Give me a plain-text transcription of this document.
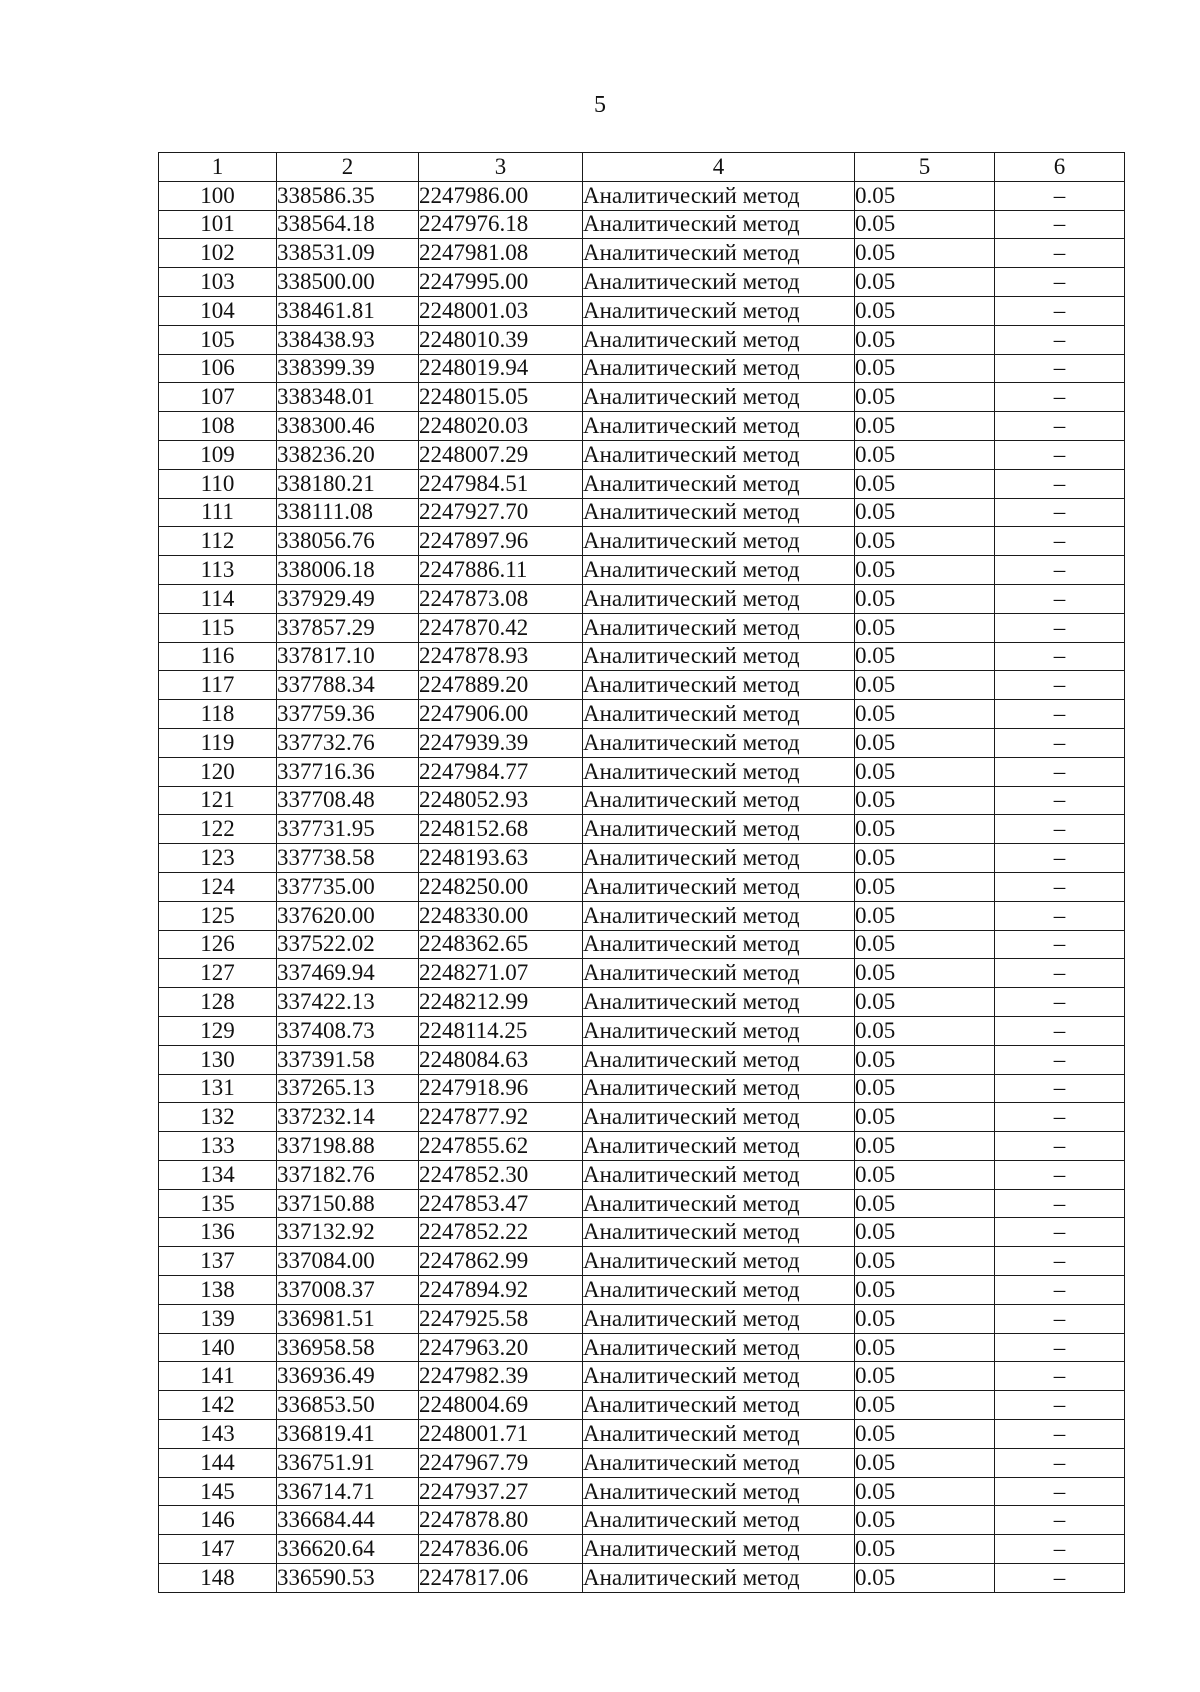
5
1	2	3	4	5	6
100	338586.35	2247986.00	Аналитический метод	0.05	–
101	338564.18	2247976.18	Аналитический метод	0.05	–
102	338531.09	2247981.08	Аналитический метод	0.05	–
103	338500.00	2247995.00	Аналитический метод	0.05	–
104	338461.81	2248001.03	Аналитический метод	0.05	–
105	338438.93	2248010.39	Аналитический метод	0.05	–
106	338399.39	2248019.94	Аналитический метод	0.05	–
107	338348.01	2248015.05	Аналитический метод	0.05	–
108	338300.46	2248020.03	Аналитический метод	0.05	–
109	338236.20	2248007.29	Аналитический метод	0.05	–
110	338180.21	2247984.51	Аналитический метод	0.05	–
111	338111.08	2247927.70	Аналитический метод	0.05	–
112	338056.76	2247897.96	Аналитический метод	0.05	–
113	338006.18	2247886.11	Аналитический метод	0.05	–
114	337929.49	2247873.08	Аналитический метод	0.05	–
115	337857.29	2247870.42	Аналитический метод	0.05	–
116	337817.10	2247878.93	Аналитический метод	0.05	–
117	337788.34	2247889.20	Аналитический метод	0.05	–
118	337759.36	2247906.00	Аналитический метод	0.05	–
119	337732.76	2247939.39	Аналитический метод	0.05	–
120	337716.36	2247984.77	Аналитический метод	0.05	–
121	337708.48	2248052.93	Аналитический метод	0.05	–
122	337731.95	2248152.68	Аналитический метод	0.05	–
123	337738.58	2248193.63	Аналитический метод	0.05	–
124	337735.00	2248250.00	Аналитический метод	0.05	–
125	337620.00	2248330.00	Аналитический метод	0.05	–
126	337522.02	2248362.65	Аналитический метод	0.05	–
127	337469.94	2248271.07	Аналитический метод	0.05	–
128	337422.13	2248212.99	Аналитический метод	0.05	–
129	337408.73	2248114.25	Аналитический метод	0.05	–
130	337391.58	2248084.63	Аналитический метод	0.05	–
131	337265.13	2247918.96	Аналитический метод	0.05	–
132	337232.14	2247877.92	Аналитический метод	0.05	–
133	337198.88	2247855.62	Аналитический метод	0.05	–
134	337182.76	2247852.30	Аналитический метод	0.05	–
135	337150.88	2247853.47	Аналитический метод	0.05	–
136	337132.92	2247852.22	Аналитический метод	0.05	–
137	337084.00	2247862.99	Аналитический метод	0.05	–
138	337008.37	2247894.92	Аналитический метод	0.05	–
139	336981.51	2247925.58	Аналитический метод	0.05	–
140	336958.58	2247963.20	Аналитический метод	0.05	–
141	336936.49	2247982.39	Аналитический метод	0.05	–
142	336853.50	2248004.69	Аналитический метод	0.05	–
143	336819.41	2248001.71	Аналитический метод	0.05	–
144	336751.91	2247967.79	Аналитический метод	0.05	–
145	336714.71	2247937.27	Аналитический метод	0.05	–
146	336684.44	2247878.80	Аналитический метод	0.05	–
147	336620.64	2247836.06	Аналитический метод	0.05	–
148	336590.53	2247817.06	Аналитический метод	0.05	–
